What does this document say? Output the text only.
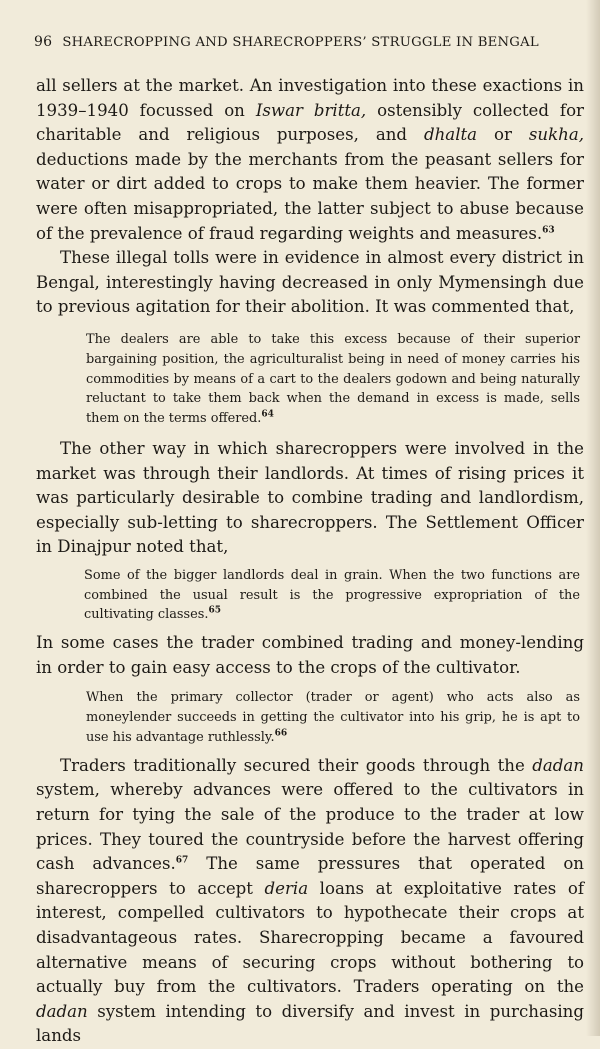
96 SHARECROPPING AND SHARECROPPERS’ STRUGGLE IN BENGAL

all sellers at the market. An investigation into these exactions in 1939–1940 focussed on Iswar britta, ostensibly collected for charitable and religious purposes, and dhalta or sukha, deductions made by the merchants from the peasant sellers for water or dirt added to crops to make them heavier. The former were often misappropriated, the latter subject to abuse because of the prevalence of fraud regarding weights and measures.$^{63}$

These illegal tolls were in evidence in almost every district in Bengal, interestingly having decreased in only Mymensingh due to previous agitation for their abolition. It was commented that,

The dealers are able to take this excess because of their superior bargaining position, the agriculturalist being in need of money carries his commodities by means of a cart to the dealers godown and being naturally reluctant to take them back when the demand in excess is made, sells them on the terms offered.$^{64}$

The other way in which sharecroppers were involved in the market was through their landlords. At times of rising prices it was particularly desirable to combine trading and landlordism, especially sub-letting to sharecroppers. The Settlement Officer in Dinajpur noted that,

Some of the bigger landlords deal in grain. When the two functions are combined the usual result is the progressive expropriation of the cultivating classes.$^{65}$

In some cases the trader combined trading and money-lending in order to gain easy access to the crops of the cultivator.

When the primary collector (trader or agent) who acts also as moneylender succeeds in getting the cultivator into his grip, he is apt to use his advantage ruthlessly.$^{66}$

Traders traditionally secured their goods through the dadan system, whereby advances were offered to the cultivators in return for tying the sale of the produce to the trader at low prices. They toured the countryside before the harvest offering cash advances.$^{67}$ The same pressures that operated on sharecroppers to accept deria loans at exploitative rates of interest, compelled cultivators to hypothecate their crops at disadvantageous rates. Sharecropping became a favoured alternative means of securing crops without bothering to actually buy from the cultivators. Traders operating on the dadan system intending to diversify and invest in purchasing lands
